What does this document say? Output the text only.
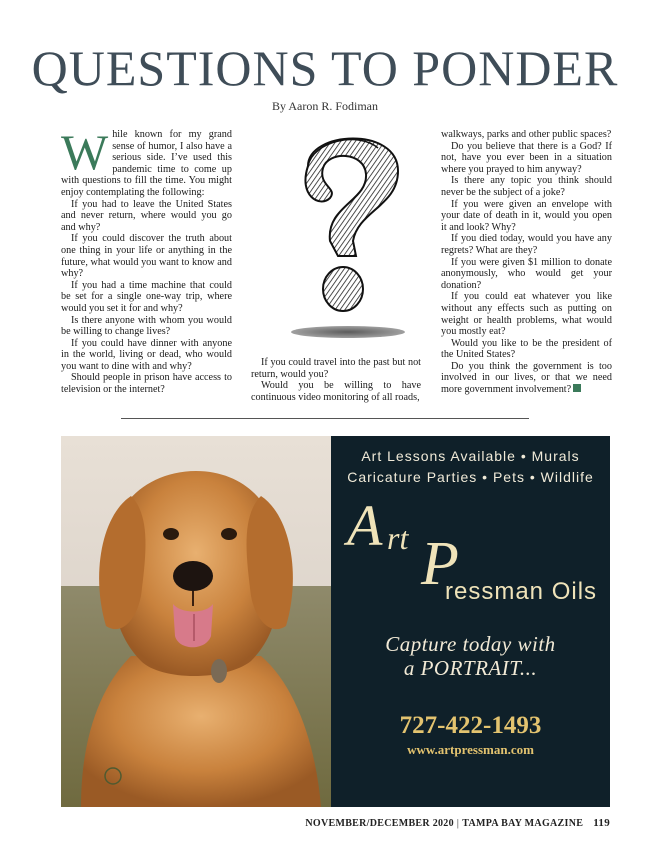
QUESTIONS TO PONDER
By Aaron R. Fodiman
W hile known for my grand sense of humor, I also have a serious side. I’ve used this pandemic time to come up with questions to fill the time. You might enjoy contemplating the following:

If you had to leave the United States and never return, where would you go and why?

If you could discover the truth about one thing in your life or anything in the future, what would you want to know and why?

If you had a time machine that could be set for a single one-way trip, where would you set it for and why?

Is there anyone with whom you would be willing to change lives?

If you could have dinner with anyone in the world, living or dead, who would you want to dine with and why?

Should people in prison have access to television or the internet?

If you could travel into the past but not return, would you?

Would you be willing to have continuous video monitoring of all roads,

walkways, parks and other public spaces?

Do you believe that there is a God? If not, have you ever been in a situation where you prayed to him anyway?

Is there any topic you think should never be the subject of a joke?

If you were given an envelope with your date of death in it, would you open it and look? Why?

If you died today, would you have any regrets? What are they?

If you were given $1 million to donate anonymously, who would get your donation?

If you could eat whatever you like without any effects such as putting on weight or health problems, what would you mostly eat?

Would you like to be the president of the United States?

Do you think the government is too involved in our lives, or that we need more government involvement?

Art Lessons Available • Murals
Caricature Parties • Pets • Wildlife
A rt P
ressman Oils
Capture today with
a PORTRAIT...
727-422-1493
www.artpressman.com
NOVEMBER/DECEMBER 2020 | TAMPA BAY MAGAZINE 119
